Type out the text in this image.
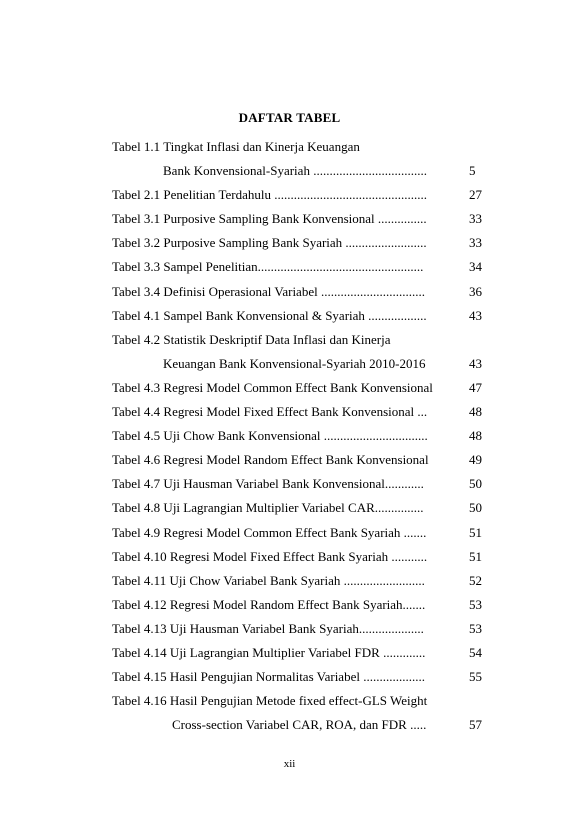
DAFTAR TABEL
Tabel 1.1 Tingkat Inflasi dan Kinerja Keuangan
Bank Konvensional-Syariah ...................................	5
Tabel 2.1 Penelitian Terdahulu ...............................................	27
Tabel 3.1 Purposive Sampling Bank Konvensional ...............	33
Tabel 3.2 Purposive Sampling Bank Syariah .........................	33
Tabel 3.3 Sampel Penelitian...................................................	34
Tabel 3.4 Definisi Operasional Variabel ................................	36
Tabel 4.1 Sampel Bank Konvensional & Syariah ..................	43
Tabel 4.2 Statistik Deskriptif Data Inflasi dan Kinerja
Keuangan Bank Konvensional-Syariah 2010-2016	43
Tabel 4.3 Regresi Model Common Effect Bank Konvensional	47
Tabel 4.4 Regresi Model Fixed Effect Bank Konvensional ...	48
Tabel 4.5 Uji Chow Bank Konvensional ................................	48
Tabel 4.6 Regresi Model Random Effect Bank Konvensional	49
Tabel 4.7 Uji Hausman Variabel Bank Konvensional............	50
Tabel 4.8 Uji Lagrangian Multiplier Variabel CAR...............	50
Tabel 4.9 Regresi Model Common Effect Bank Syariah .......	51
Tabel 4.10 Regresi Model Fixed Effect Bank Syariah ...........	51
Tabel 4.11 Uji Chow Variabel Bank Syariah .........................	52
Tabel 4.12 Regresi Model Random Effect Bank Syariah.......	53
Tabel 4.13 Uji Hausman Variabel Bank Syariah....................	53
Tabel 4.14 Uji Lagrangian Multiplier Variabel FDR .............	54
Tabel 4.15 Hasil Pengujian Normalitas Variabel ...................	55
Tabel 4.16 Hasil Pengujian Metode fixed effect-GLS Weight
Cross-section Variabel CAR, ROA, dan FDR .....	57
xii
